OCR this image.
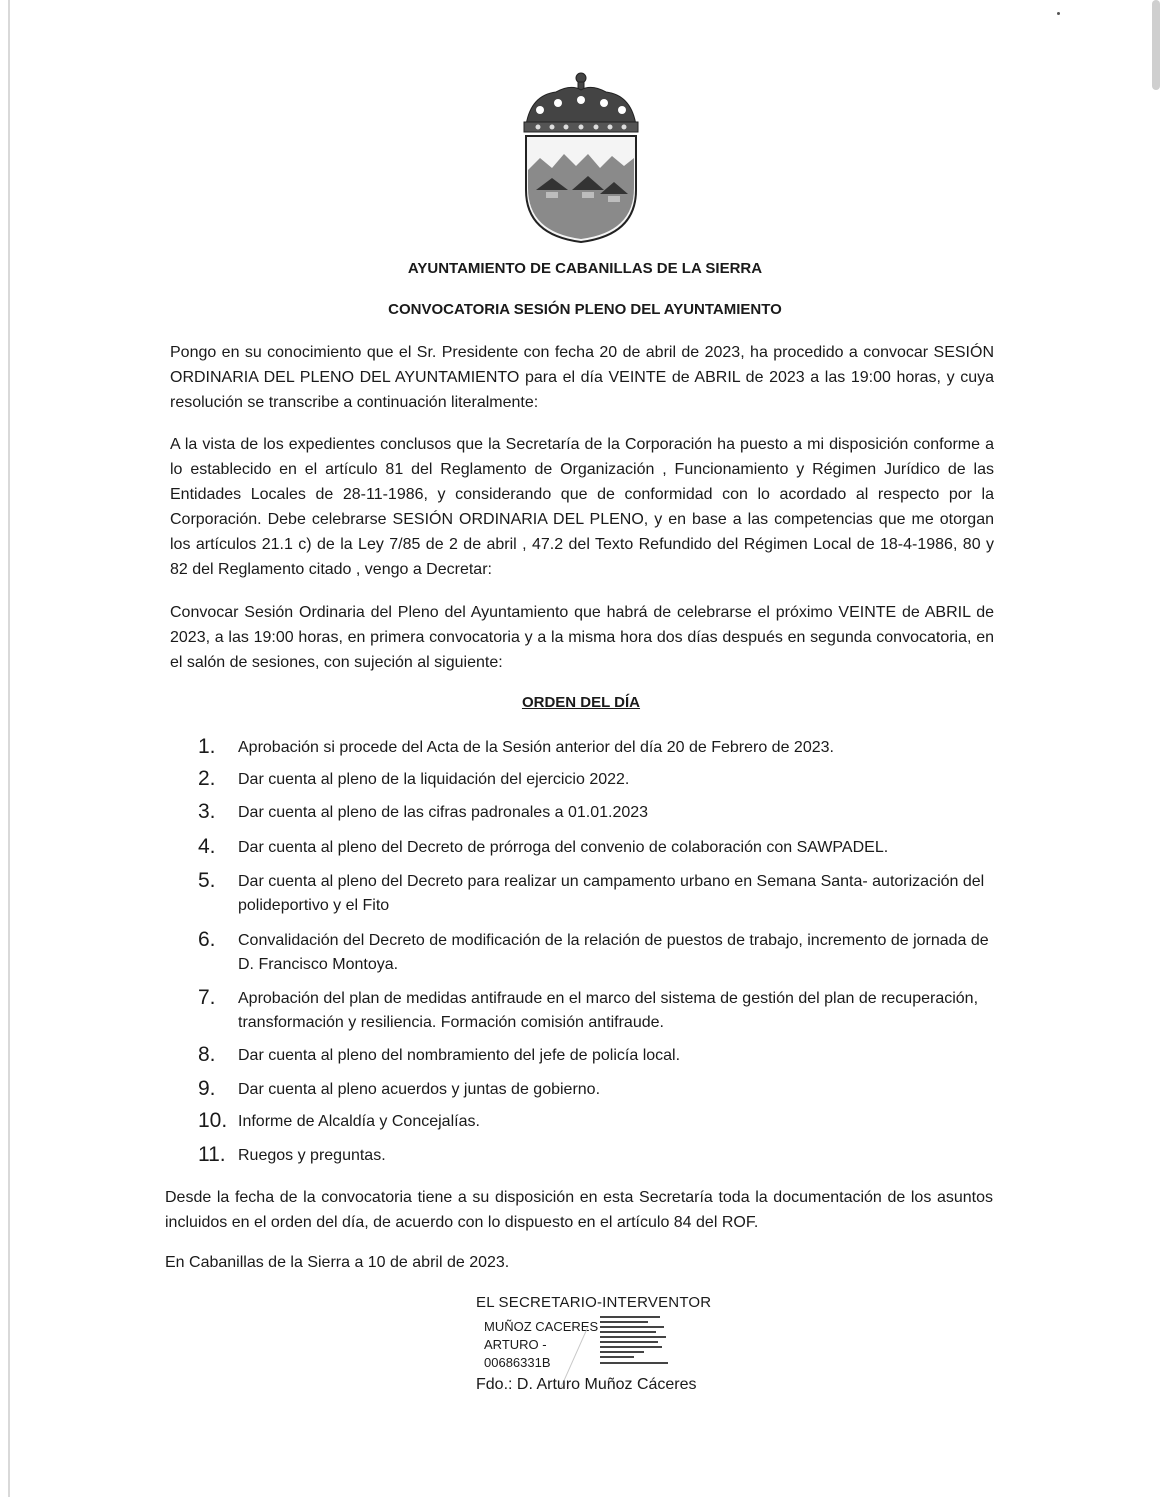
AYUNTAMIENTO DE CABANILLAS DE LA SIERRA
CONVOCATORIA SESIÓN PLENO DEL AYUNTAMIENTO
Pongo en su conocimiento que el Sr. Presidente con fecha 20 de abril de 2023, ha procedido a convocar SESIÓN ORDINARIA DEL PLENO DEL AYUNTAMIENTO para el día VEINTE de ABRIL de 2023 a las 19:00 horas, y cuya resolución se transcribe a continuación literalmente:
A la vista de los expedientes conclusos que la Secretaría de la Corporación ha puesto a mi disposición conforme a lo establecido en el artículo 81 del Reglamento de Organización , Funcionamiento y Régimen Jurídico de las Entidades Locales de 28-11-1986, y considerando que de conformidad con lo acordado al respecto por la Corporación. Debe celebrarse SESIÓN ORDINARIA DEL PLENO, y en base a las competencias que me otorgan los artículos 21.1 c) de la Ley 7/85 de 2 de abril , 47.2 del Texto Refundido del Régimen Local de 18-4-1986, 80 y 82 del Reglamento citado , vengo a Decretar:
Convocar Sesión Ordinaria del Pleno del Ayuntamiento que habrá de celebrarse el próximo VEINTE de ABRIL de 2023, a las 19:00 horas, en primera convocatoria y a la misma hora dos días después en segunda convocatoria, en el salón de sesiones, con sujeción al siguiente:
ORDEN DEL DÍA
1.	Aprobación si procede del Acta de la Sesión anterior del día 20 de Febrero de 2023.
2.	Dar cuenta al pleno de la liquidación del ejercicio 2022.
3.	Dar cuenta al pleno de las cifras padronales a 01.01.2023
4.	Dar cuenta al pleno del Decreto de prórroga del convenio de colaboración con SAWPADEL.
5.	Dar cuenta al pleno del Decreto para realizar un campamento urbano en Semana Santa- autorización del polideportivo y el Fito
6.	Convalidación del Decreto de modificación de la relación de puestos de trabajo, incremento de jornada de D. Francisco Montoya.
7.	Aprobación del plan de medidas antifraude en el marco del sistema de gestión del plan de recuperación, transformación y resiliencia. Formación comisión antifraude.
8.	Dar cuenta al pleno del nombramiento del jefe de policía local.
9.	Dar cuenta al pleno acuerdos y juntas de gobierno.
10. Informe de Alcaldía y Concejalías.
11. Ruegos y preguntas.
Desde la fecha de la convocatoria tiene a su disposición en esta Secretaría toda la documentación de los asuntos incluidos en el orden del día, de acuerdo con lo dispuesto en el artículo 84 del ROF.
En Cabanillas de la Sierra a 10 de abril de 2023.
EL SECRETARIO-INTERVENTOR
MUÑOZ CACERES
ARTURO -
00686331B
Fdo.: D. Arturo Muñoz Cáceres
